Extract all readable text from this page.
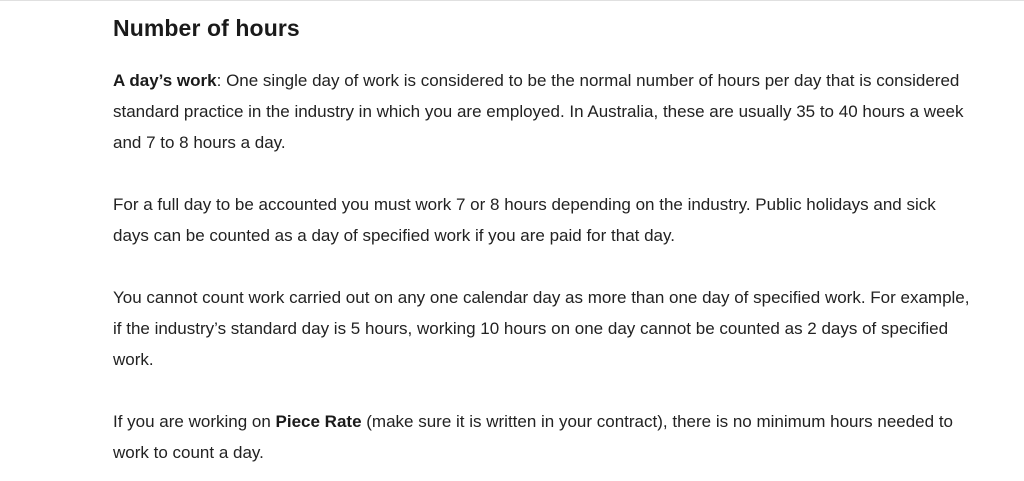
Number of hours

A day’s work: One single day of work is considered to be the normal number of hours per day that is considered standard practice in the industry in which you are employed. In Australia, these are usually 35 to 40 hours a week and 7 to 8 hours a day.

For a full day to be accounted you must work 7 or 8 hours depending on the industry. Public holidays and sick days can be counted as a day of specified work if you are paid for that day.

You cannot count work carried out on any one calendar day as more than one day of specified work. For example, if the industry’s standard day is 5 hours, working 10 hours on one day cannot be counted as 2 days of specified work.

If you are working on Piece Rate (make sure it is written in your contract), there is no minimum hours needed to work to count a day.
